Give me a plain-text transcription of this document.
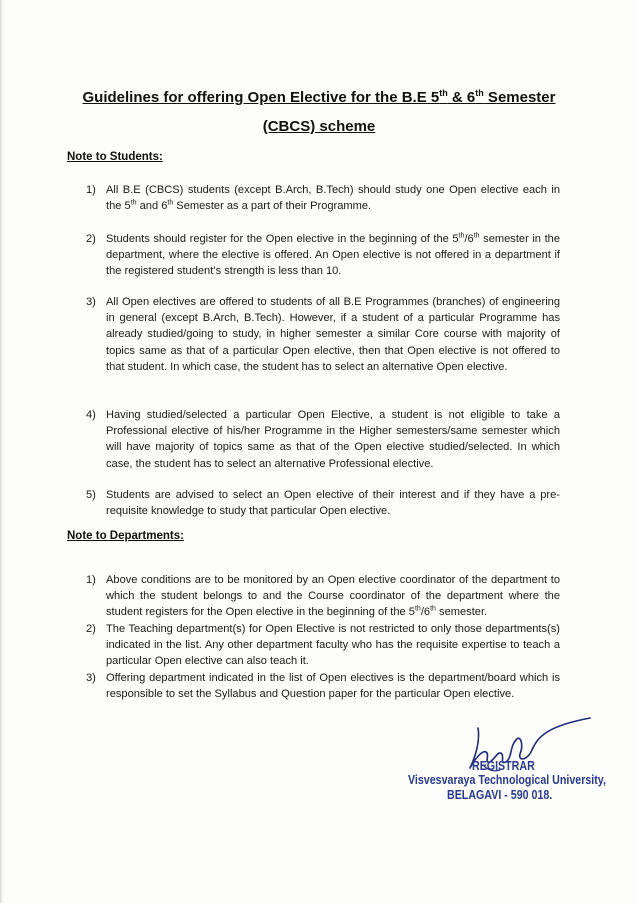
Guidelines for offering Open Elective for the B.E 5th & 6th Semester
(CBCS) scheme
Note to Students:
1) All B.E (CBCS) students (except B.Arch, B.Tech) should study one Open elective each in the 5th and 6th Semester as a part of their Programme.
2) Students should register for the Open elective in the beginning of the 5th/6th semester in the department, where the elective is offered. An Open elective is not offered in a department if the registered student’s strength is less than 10.
3) All Open electives are offered to students of all B.E Programmes (branches) of engineering in general (except B.Arch, B.Tech). However, if a student of a particular Programme has already studied/going to study, in higher semester a similar Core course with majority of topics same as that of a particular Open elective, then that Open elective is not offered to that student. In which case, the student has to select an alternative Open elective.
4) Having studied/selected a particular Open Elective, a student is not eligible to take a Professional elective of his/her Programme in the Higher semesters/same semester which will have majority of topics same as that of the Open elective studied/selected. In which case, the student has to select an alternative Professional elective.
5) Students are advised to select an Open elective of their interest and if they have a pre-requisite knowledge to study that particular Open elective.
Note to Departments:
1) Above conditions are to be monitored by an Open elective coordinator of the department to which the student belongs to and the Course coordinator of the department where the student registers for the Open elective in the beginning of the 5th/6th semester.
2) The Teaching department(s) for Open Elective is not restricted to only those departments(s) indicated in the list. Any other department faculty who has the requisite expertise to teach a particular Open elective can also teach it.
3) Offering department indicated in the list of Open electives is the department/board which is responsible to set the Syllabus and Question paper for the particular Open elective.
REGISTRAR
Visvesvaraya Technological University,
BELAGAVI - 590 018.
